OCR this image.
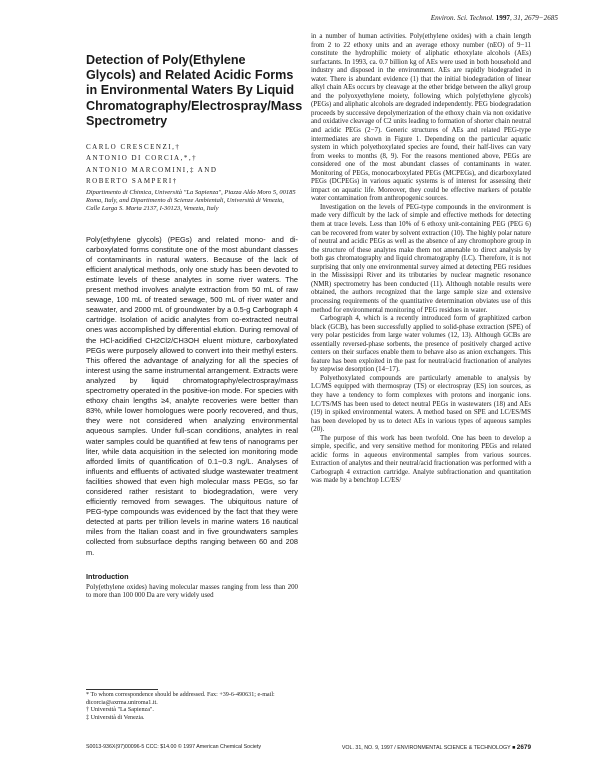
Environ. Sci. Technol. 1997, 31, 2679−2685
Detection of Poly(Ethylene Glycols) and Related Acidic Forms in Environmental Waters By Liquid Chromatography/Electrospray/Mass Spectrometry
CARLO CRESCENZI,†
ANTONIO DI CORCIA,*,†
ANTONIO MARCOMINI,‡ AND
ROBERTO SAMPERI†

Dipartimento di Chimica, Università "La Sapienza", Piazza Aldo Moro 5, 00185 Roma, Italy, and Dipartimento di Scienze Ambientali, Università di Venezia, Calle Larga S. Marta 2137, I-30123, Venezia, Italy

Poly(ethylene glycols) (PEGs) and related mono- and di-carboxylated forms constitute one of the most abundant classes of contaminants in natural waters. Because of the lack of efficient analytical methods, only one study has been devoted to estimate levels of these analytes in some river waters. The present method involves analyte extraction from 50 mL of raw sewage, 100 mL of treated sewage, 500 mL of river water and seawater, and 2000 mL of groundwater by a 0.5-g Carbograph 4 cartridge. Isolation of acidic analytes from co-extracted neutral ones was accomplished by differential elution. During removal of the HCl-acidified CH2Cl2/CH3OH eluent mixture, carboxylated PEGs were purposely allowed to convert into their methyl esters. This offered the advantage of analyzing for all the species of interest using the same instrumental arrangement. Extracts were analyzed by liquid chromatography/electrospray/mass spectrometry operated in the positive-ion mode. For species with ethoxy chain lengths ≥4, analyte recoveries were better than 83%, while lower homologues were poorly recovered, and thus, they were not considered when analyzing environmental aqueous samples. Under full-scan conditions, analytes in real water samples could be quantified at few tens of nanograms per liter, while data acquisition in the selected ion monitoring mode afforded limits of quantification of 0.1−0.3 ng/L. Analyses of influents and effluents of activated sludge wastewater treatment facilities showed that even high molecular mass PEGs, so far considered rather resistant to biodegradation, were very efficiently removed from sewages. The ubiquitous nature of PEG-type compounds was evidenced by the fact that they were detected at parts per trillion levels in marine waters 16 nautical miles from the Italian coast and in five groundwaters samples collected from subsurface depths ranging between 60 and 208 m.

Introduction

Poly(ethylene oxides) having molecular masses ranging from less than 200 to more than 100 000 Da are very widely used

* To whom correspondence should be addressed. Fax: +39-6-490631; e-mail: dicorcia@axrma.uniroma1.it.

† Università "La Sapienza".

‡ Università di Venezia.

in a number of human activities. Poly(ethylene oxides) with a chain length from 2 to 22 ethoxy units and an average ethoxy number (nEO) of 9−11 constitute the hydrophilic moiety of aliphatic ethoxylate alcohols (AEs) surfactants. In 1993, ca. 0.7 billion kg of AEs were used in both household and industry and disposed in the environment. AEs are rapidly biodegraded in water. There is abundant evidence (1) that the initial biodegradation of linear alkyl chain AEs occurs by cleavage at the ether bridge between the alkyl group and the polyoxyethylene moiety, following which poly(ethylene glycols) (PEGs) and aliphatic alcohols are degraded independently. PEG biodegradation proceeds by successive depolymerization of the ethoxy chain via non oxidative and oxidative cleavage of C2 units leading to formation of shorter chain neutral and acidic PEGs (2−7). Generic structures of AEs and related PEG-type intermediates are shown in Figure 1. Depending on the particular aquatic system in which polyethoxylated species are found, their half-lives can vary from weeks to months (8, 9). For the reasons mentioned above, PEGs are considered one of the most abundant classes of contaminants in water. Monitoring of PEGs, monocarboxylated PEGs (MCPEGs), and dicarboxylated PEGs (DCPEGs) in various aquatic systems is of interest for assessing their impact on aquatic life. Moreover, they could be effective markers of potable water contamination from anthropogenic sources.

Investigation on the levels of PEG-type compounds in the environment is made very difficult by the lack of simple and effective methods for detecting them at trace levels. Less than 10% of 6 ethoxy unit-containing PEG (PEG 6) can be recovered from water by solvent extraction (10). The highly polar nature of neutral and acidic PEGs as well as the absence of any chromophore group in the structure of these analytes make them not amenable to direct analysis by both gas chromatography and liquid chromatography (LC). Therefore, it is not surprising that only one environmental survey aimed at detecting PEG residues in the Mississippi River and its tributaries by nuclear magnetic resonance (NMR) spectrometry has been conducted (11). Although notable results were obtained, the authors recognized that the large sample size and extensive processing requirements of the quantitative determination obviates use of this method for environmental monitoring of PEG residues in water.

Carbograph 4, which is a recently introduced form of graphitized carbon black (GCB), has been successfully applied to solid-phase extraction (SPE) of very polar pesticides from large water volumes (12, 13). Although GCBs are essentially reversed-phase sorbents, the presence of positively charged active centers on their surfaces enable them to behave also as anion exchangers. This feature has been exploited in the past for neutral/acid fractionation of analytes by stepwise desorption (14−17).

Polyethoxylated compounds are particularly amenable to analysis by LC/MS equipped with thermospray (TS) or electrospray (ES) ion sources, as they have a tendency to form complexes with protons and inorganic ions. LC/TS/MS has been used to detect neutral PEGs in wastewaters (18) and AEs (19) in spiked environmental waters. A method based on SPE and LC/ES/MS has been developed by us to detect AEs in various types of aqueous samples (20).

The purpose of this work has been twofold. One has been to develop a simple, specific, and very sensitive method for monitoring PEGs and related acidic forms in aqueous environmental samples from various sources. Extraction of analytes and their neutral/acid fractionation was performed with a Carbograph 4 extraction cartridge. Analyte subfractionation and quantitation was made by a benchtop LC/ES/

S0013-936X(97)00096-5 CCC: $14.00 © 1997 American Chemical Society	VOL. 31, NO. 9, 1997 / ENVIRONMENTAL SCIENCE & TECHNOLOGY ■ 2679
